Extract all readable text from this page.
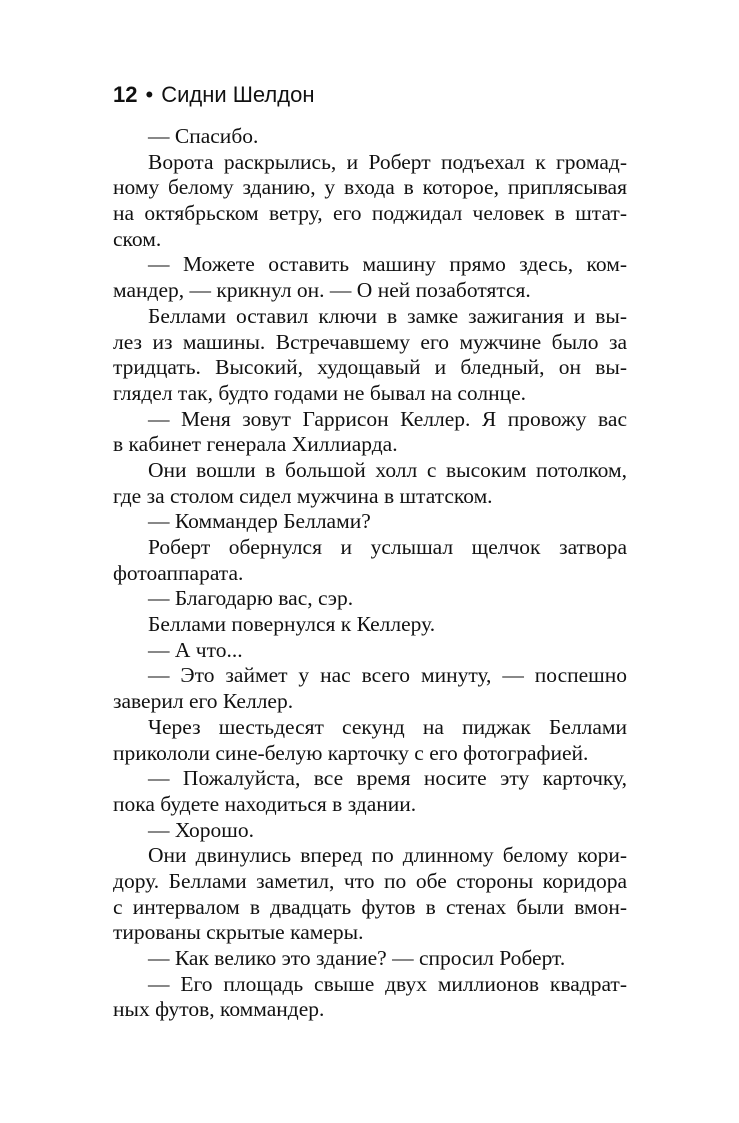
12 • Сидни Шелдон
— Спасибо.
Ворота раскрылись, и Роберт подъехал к громад-
ному белому зданию, у входа в которое, приплясывая
на октябрьском ветру, его поджидал человек в штат-
ском.
— Можете оставить машину прямо здесь, ком-
мандер, — крикнул он. — О ней позаботятся.
Беллами оставил ключи в замке зажигания и вы-
лез из машины. Встречавшему его мужчине было за
тридцать. Высокий, худощавый и бледный, он вы-
глядел так, будто годами не бывал на солнце.
— Меня зовут Гаррисон Келлер. Я провожу вас
в кабинет генерала Хиллиарда.
Они вошли в большой холл с высоким потолком,
где за столом сидел мужчина в штатском.
— Коммандер Беллами?
Роберт обернулся и услышал щелчок затвора
фотоаппарата.
— Благодарю вас, сэр.
Беллами повернулся к Келлеру.
— А что...
— Это займет у нас всего минуту, — поспешно
заверил его Келлер.
Через шестьдесят секунд на пиджак Беллами
прикололи сине-белую карточку с его фотографией.
— Пожалуйста, все время носите эту карточку,
пока будете находиться в здании.
— Хорошо.
Они двинулись вперед по длинному белому кори-
дору. Беллами заметил, что по обе стороны коридора
с интервалом в двадцать футов в стенах были вмон-
тированы скрытые камеры.
— Как велико это здание? — спросил Роберт.
— Его площадь свыше двух миллионов квадрат-
ных футов, коммандер.
